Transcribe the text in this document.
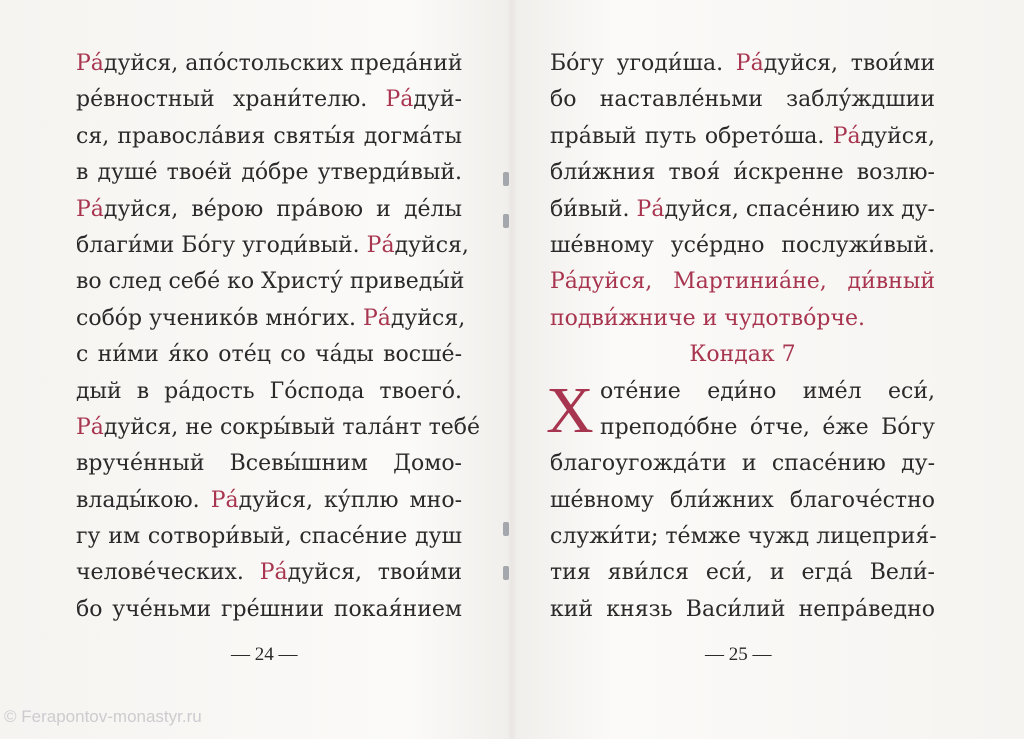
Ра́дуйся, апо́стольских преда́ний
ре́вностный храни́телю. Ра́дуй-
ся, правосла́вия святы́я догма́ты
в душе́ твое́й до́бре утверди́вый.
Ра́дуйся, ве́рою пра́вою и де́лы
благи́ми Бо́гу угоди́вый. Ра́дуйся,
во след себе́ ко Христу́ приведы́й
собо́р ученико́в мно́гих. Ра́дуйся,
с ни́ми я́ко оте́ц со ча́ды восше́-
дый в ра́дость Го́спода твоего́.
Ра́дуйся, не сокры́вый тала́нт тебе́
вруче́нный Всевы́шним Домо-
влады́кою. Ра́дуйся, ку́плю мно-
гу им сотвори́вый, спасе́ние душ
челове́ческих. Ра́дуйся, твои́ми
бо уче́ньми гре́шнии покая́нием
— 24 —
Бо́гу угоди́ша. Ра́дуйся, твои́ми
бо наставле́ньми заблу́ждшии
пра́вый путь обрето́ша. Ра́дуйся,
бли́жния твоя́ и́скренне возлю-
би́вый. Ра́дуйся, спасе́нию их ду-
ше́вному усе́рдно послужи́вый.
Ра́дуйся, Мартиниа́не, ди́вный
подви́жниче и чудотво́рче.
Кондак 7
Х оте́ние еди́но име́л еси́,
преподо́бне о́тче, е́же Бо́гу
благоугожда́ти и спасе́нию ду-
ше́вному бли́жних благоче́стно
служи́ти; те́мже чужд лицеприя́-
тия яви́лся еси́, и егда́ Вели́-
кий князь Васи́лий непра́ведно
— 25 —
© Ferapontov-monastyr.ru
